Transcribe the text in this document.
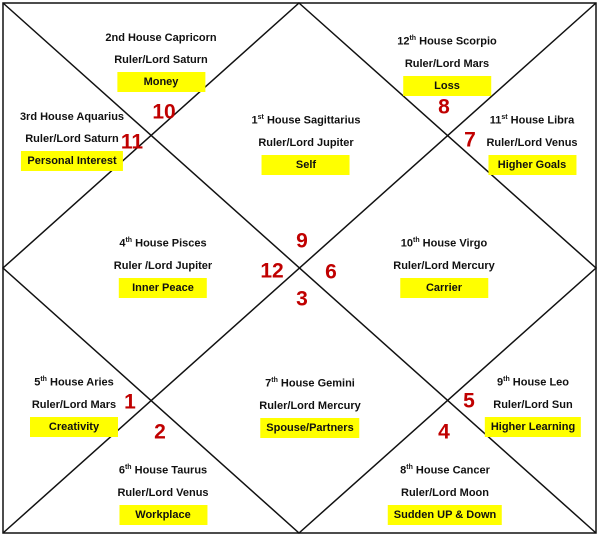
1st House Sagittarius
Ruler/Lord Jupiter
Self
9
2nd House Capricorn
Ruler/Lord Saturn
Money
10
3rd House Aquarius
Ruler/Lord Saturn
Personal Interest
11
4th House Pisces
Ruler /Lord Jupiter
Inner Peace
12
5th House Aries
Ruler/Lord Mars
Creativity
1
6th House Taurus
Ruler/Lord Venus
Workplace
2
7th House Gemini
Ruler/Lord Mercury
Spouse/Partners
3
8th House Cancer
Ruler/Lord Moon
Sudden UP & Down
4
9th House Leo
Ruler/Lord Sun
Higher Learning
5
10th House Virgo
Ruler/Lord Mercury
Carrier
6
11st House Libra
Ruler/Lord Venus
Higher Goals
7
12th House Scorpio
Ruler/Lord Mars
Loss
8
